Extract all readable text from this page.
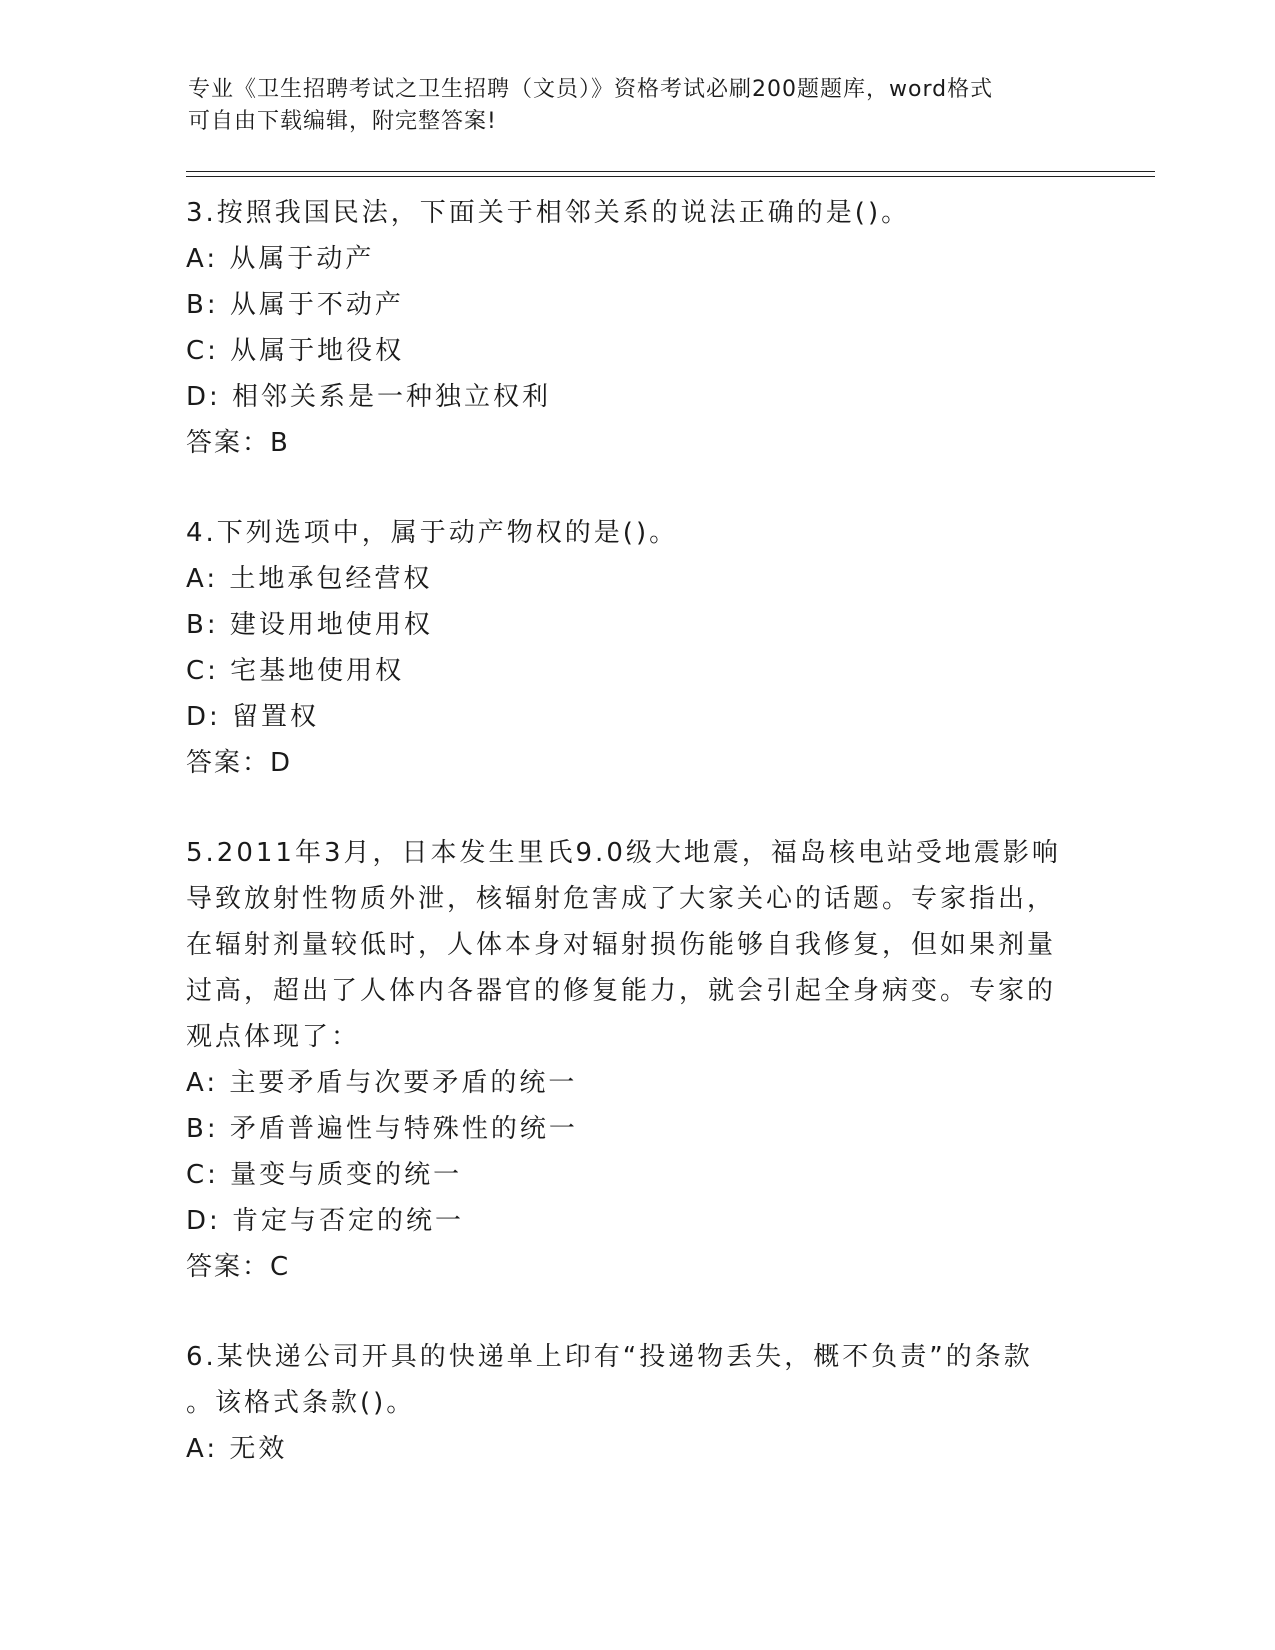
专业《卫生招聘考试之卫生招聘（文员）》资格考试必刷200题题库，word格式
可自由下载编辑，附完整答案!
3.按照我国民法，下面关于相邻关系的说法正确的是()。
A: 从属于动产
B: 从属于不动产
C: 从属于地役权
D: 相邻关系是一种独立权利
答案：B
4.下列选项中，属于动产物权的是()。
A: 土地承包经营权
B: 建设用地使用权
C: 宅基地使用权
D: 留置权
答案：D
5.2011年3月，日本发生里氏9.0级大地震，福岛核电站受地震影响
导致放射性物质外泄，核辐射危害成了大家关心的话题。专家指出，
在辐射剂量较低时，人体本身对辐射损伤能够自我修复，但如果剂量
过高，超出了人体内各器官的修复能力，就会引起全身病变。专家的
观点体现了：
A: 主要矛盾与次要矛盾的统一
B: 矛盾普遍性与特殊性的统一
C: 量变与质变的统一
D: 肯定与否定的统一
答案：C
6.某快递公司开具的快递单上印有“投递物丢失，概不负责”的条款
。该格式条款()。
A: 无效
